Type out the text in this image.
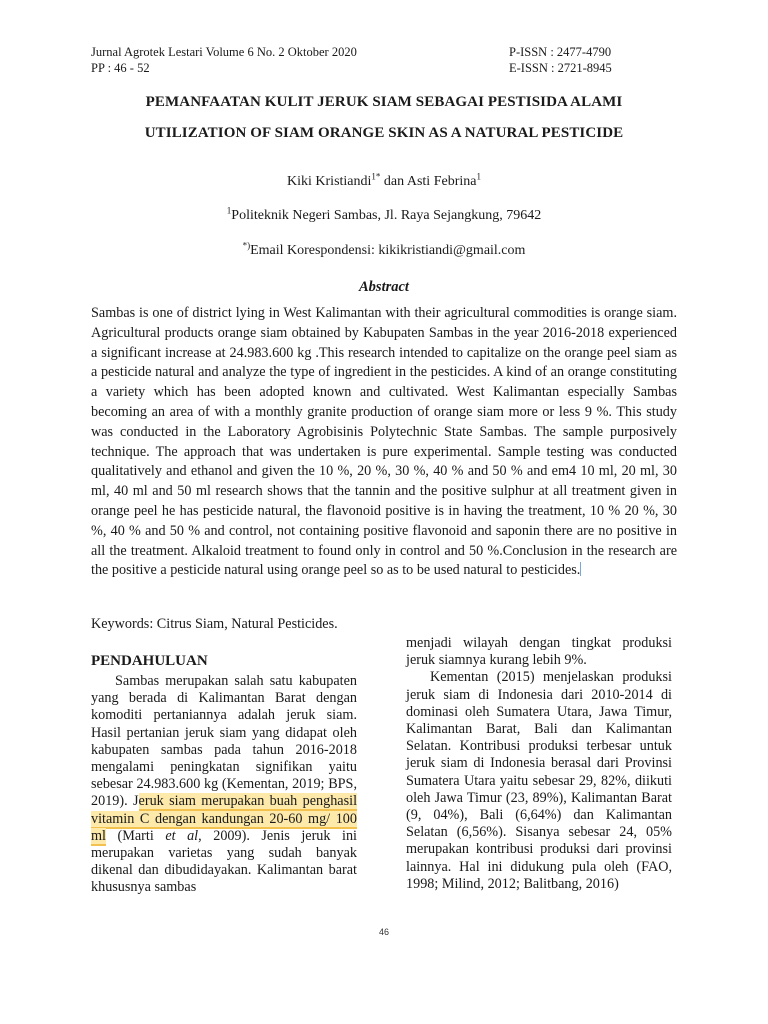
Jurnal Agrotek Lestari Volume 6 No. 2 Oktober 2020
PP : 46 - 52
P-ISSN : 2477-4790
E-ISSN : 2721-8945
PEMANFAATAN KULIT JERUK SIAM SEBAGAI PESTISIDA ALAMI
UTILIZATION OF SIAM ORANGE SKIN AS A NATURAL PESTICIDE
Kiki Kristiandi$^{1*}$ dan Asti Febrina$^1$
$^1$Politeknik Negeri Sambas, Jl. Raya Sejangkung, 79642
*)Email Korespondensi: kikikristiandi@gmail.com
Abstract
Sambas is one of district lying in West Kalimantan with their agricultural commodities is orange siam. Agricultural products orange siam obtained by Kabupaten Sambas in the year 2016-2018 experienced a significant increase at 24.983.600 kg .This research intended to capitalize on the orange peel siam as a pesticide natural and analyze the type of ingredient in the pesticides. A kind of an orange constituting a variety which has been adopted known and cultivated. West Kalimantan especially Sambas becoming an area of with a monthly granite production of orange siam more or less 9 %. This study was conducted in the Laboratory Agrobisinis Polytechnic State Sambas. The sample purposively technique. The approach that was undertaken is pure experimental. Sample testing was conducted qualitatively and ethanol and given the 10 %, 20 %, 30 %, 40 % and 50 % and em4 10 ml, 20 ml, 30 ml, 40 ml and 50 ml research shows that the tannin and the positive sulphur at all treatment given in orange peel he has pesticide natural, the flavonoid positive is in having the treatment, 10 % 20 %, 30 %, 40 % and 50 % and control, not containing positive flavonoid and saponin there are no positive in all the treatment. Alkaloid treatment to found only in control and 50 %.Conclusion in the research are the positive a pesticide natural using orange peel so as to be used natural to pesticides.
Keywords: Citrus Siam, Natural Pesticides.
PENDAHULUAN

Sambas merupakan salah satu kabupaten yang berada di Kalimantan Barat dengan komoditi pertaniannya adalah jeruk siam. Hasil pertanian jeruk siam yang didapat oleh kabupaten sambas pada tahun 2016-2018 mengalami peningkatan signifikan yaitu sebesar 24.983.600 kg (Kementan, 2019; BPS, 2019). Jeruk siam merupakan buah penghasil vitamin C dengan kandungan 20-60 mg/ 100 ml (Marti et al, 2009). Jenis jeruk ini merupakan varietas yang sudah banyak dikenal dan dibudidayakan. Kalimantan barat khususnya sambas

menjadi wilayah dengan tingkat produksi jeruk siamnya kurang lebih 9%.

Kementan (2015) menjelaskan produksi jeruk siam di Indonesia dari 2010-2014 di dominasi oleh Sumatera Utara, Jawa Timur, Kalimantan Barat, Bali dan Kalimantan Selatan. Kontribusi produksi terbesar untuk jeruk siam di Indonesia berasal dari Provinsi Sumatera Utara yaitu sebesar 29, 82%, diikuti oleh Jawa Timur (23, 89%), Kalimantan Barat (9, 04%), Bali (6,64%) dan Kalimantan Selatan (6,56%). Sisanya sebesar 24, 05% merupakan kontribusi produksi dari provinsi lainnya. Hal ini didukung pula oleh (FAO, 1998; Milind, 2012; Balitbang, 2016)

46
